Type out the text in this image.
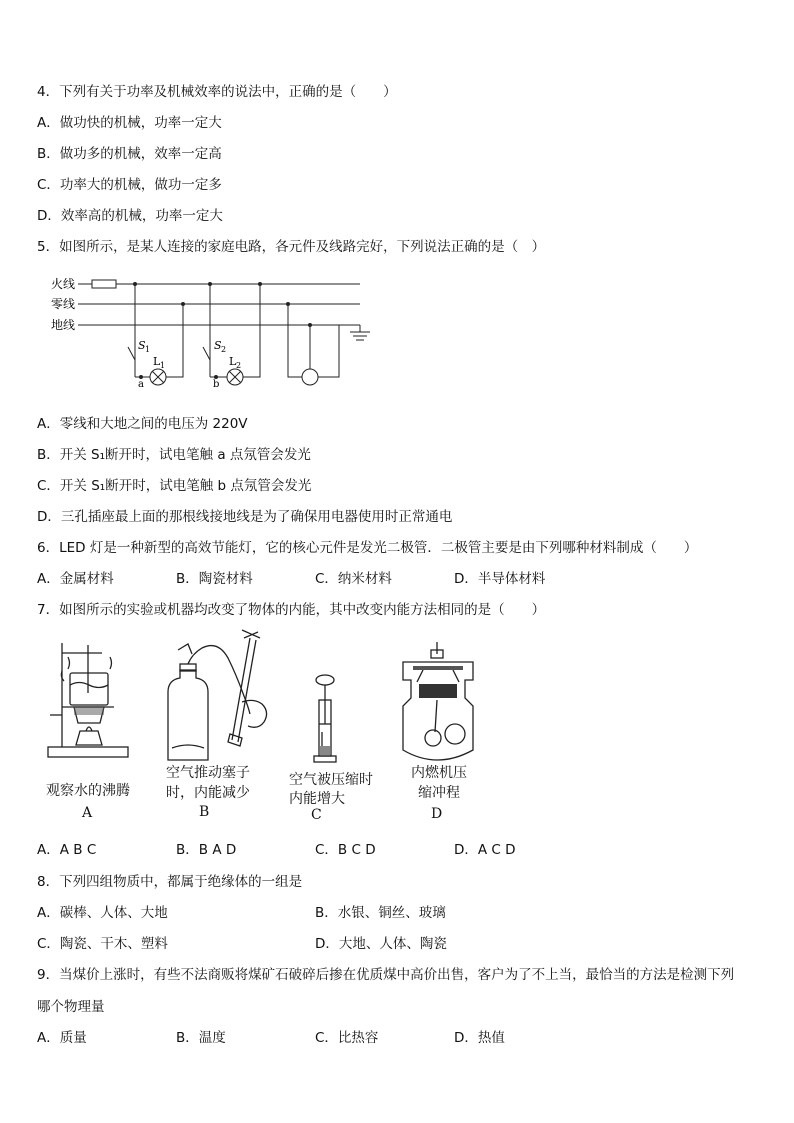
4．下列有关于功率及机械效率的说法中，正确的是（　　）
A．做功快的机械，功率一定大
B．做功多的机械，效率一定高
C．功率大的机械，做功一定多
D．效率高的机械，功率一定大
5．如图所示，是某人连接的家庭电路，各元件及线路完好，下列说法正确的是（　）
火线
零线
地线
S 1
L 1
a
S 2
L 2
b
A．零线和大地之间的电压为 220V
B．开关 S₁断开时，试电笔触 a 点氖管会发光
C．开关 S₁断开时，试电笔触 b 点氖管会发光
D．三孔插座最上面的那根线接地线是为了确保用电器使用时正常通电
6．LED 灯是一种新型的高效节能灯，它的核心元件是发光二极管．二极管主要是由下列哪种材料制成（　　）
A．金属材料	B．陶瓷材料	C．纳米材料	D．半导体材料
7．如图所示的实验或机器均改变了物体的内能，其中改变内能方法相同的是（　　）
观察水的沸腾
A
空气推动塞子
时，内能减少
B
空气被压缩时
内能增大
C
内燃机压
缩冲程
D
A．A B C	B．B A D	C．B C D	D．A C D
8．下列四组物质中，都属于绝缘体的一组是
A．碳棒、人体、大地	B．水银、铜丝、玻璃
C．陶瓷、干木、塑料	D．大地、人体、陶瓷
9．当煤价上涨时，有些不法商贩将煤矿石破碎后掺在优质煤中高价出售，客户为了不上当，最恰当的方法是检测下列
哪个物理量
A．质量	B．温度	C．比热容	D．热值
